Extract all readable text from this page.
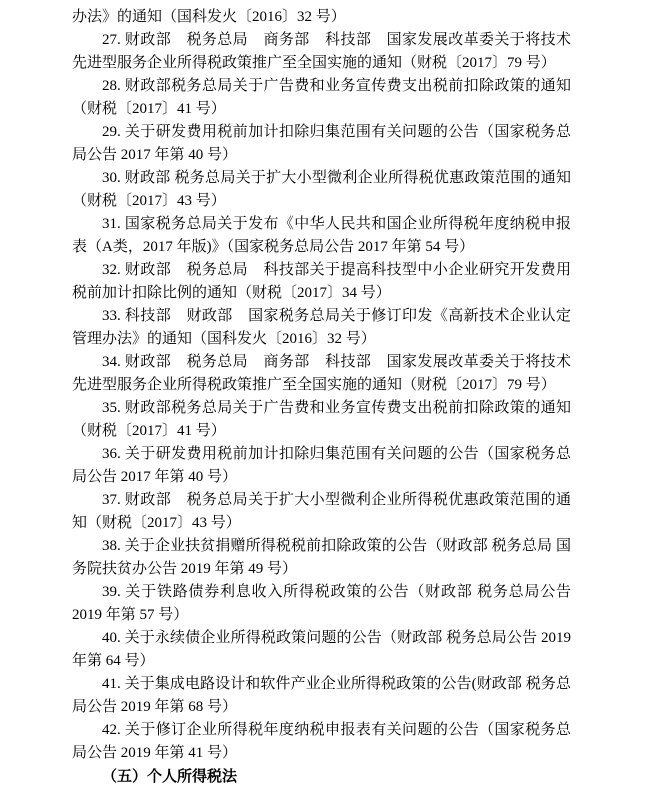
办法》的通知（国科发火〔2016〕32 号）

27. 财政部　税务总局　商务部　科技部　国家发展改革委关于将技术先进型服务企业所得税政策推广至全国实施的通知（财税〔2017〕79 号）

28. 财政部税务总局关于广告费和业务宣传费支出税前扣除政策的通知（财税〔2017〕41 号）

29. 关于研发费用税前加计扣除归集范围有关问题的公告（国家税务总局公告 2017 年第 40 号）

30. 财政部 税务总局关于扩大小型微利企业所得税优惠政策范围的通知（财税〔2017〕43 号）

31. 国家税务总局关于发布《中华人民共和国企业所得税年度纳税申报表（A类，2017 年版)》（国家税务总局公告 2017 年第 54 号）

32. 财政部　税务总局　科技部关于提高科技型中小企业研究开发费用税前加计扣除比例的通知（财税〔2017〕34 号）

33. 科技部　财政部　国家税务总局关于修订印发《高新技术企业认定管理办法》的通知（国科发火〔2016〕32 号）

34. 财政部　税务总局　商务部　科技部　国家发展改革委关于将技术先进型服务企业所得税政策推广至全国实施的通知（财税〔2017〕79 号）

35. 财政部税务总局关于广告费和业务宣传费支出税前扣除政策的通知（财税〔2017〕41 号）

36. 关于研发费用税前加计扣除归集范围有关问题的公告（国家税务总局公告 2017 年第 40 号）

37. 财政部　税务总局关于扩大小型微利企业所得税优惠政策范围的通知（财税〔2017〕43 号）

38. 关于企业扶贫捐赠所得税税前扣除政策的公告（财政部 税务总局 国务院扶贫办公告 2019 年第 49 号）

39. 关于铁路债券利息收入所得税政策的公告（财政部 税务总局公告 2019 年第 57 号）

40. 关于永续债企业所得税政策问题的公告（财政部 税务总局公告 2019 年第 64 号）

41. 关于集成电路设计和软件产业企业所得税政策的公告(财政部 税务总局公告 2019 年第 68 号）

42. 关于修订企业所得税年度纳税申报表有关问题的公告（国家税务总局公告 2019 年第 41 号）

（五）个人所得税法
